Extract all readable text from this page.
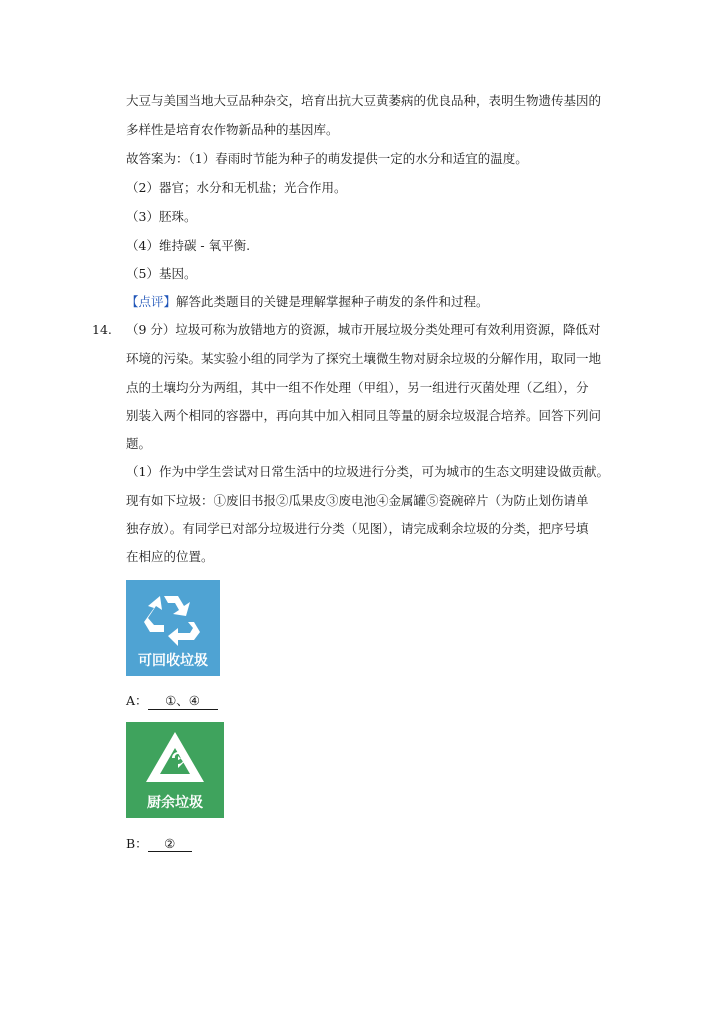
大豆与美国当地大豆品种杂交，培育出抗大豆黄萎病的优良品种，表明生物遗传基因的
多样性是培育农作物新品种的基因库。
故答案为：（1）春雨时节能为种子的萌发提供一定的水分和适宜的温度。
（2）器官；水分和无机盐；光合作用。
（3）胚珠。
（4）维持碳 - 氧平衡.
（5）基因。
【点评】解答此类题目的关键是理解掌握种子萌发的条件和过程。
14. （9 分）垃圾可称为放错地方的资源，城市开展垃圾分类处理可有效利用资源，降低对
环境的污染。某实验小组的同学为了探究土壤微生物对厨余垃圾的分解作用，取同一地
点的土壤均分为两组，其中一组不作处理（甲组），另一组进行灭菌处理（乙组），分
别装入两个相同的容器中，再向其中加入相同且等量的厨余垃圾混合培养。回答下列问
题。
（1）作为中学生尝试对日常生活中的垃圾进行分类，可为城市的生态文明建设做贡献。
现有如下垃圾：①废旧书报②瓜果皮③废电池④金属罐⑤瓷碗碎片（为防止划伤请单
独存放）。有同学已对部分垃圾进行分类（见图），请完成剩余垃圾的分类，把序号填
在相应的位置。
可回收垃圾
A： ①、④
厨余垃圾
B： ②
